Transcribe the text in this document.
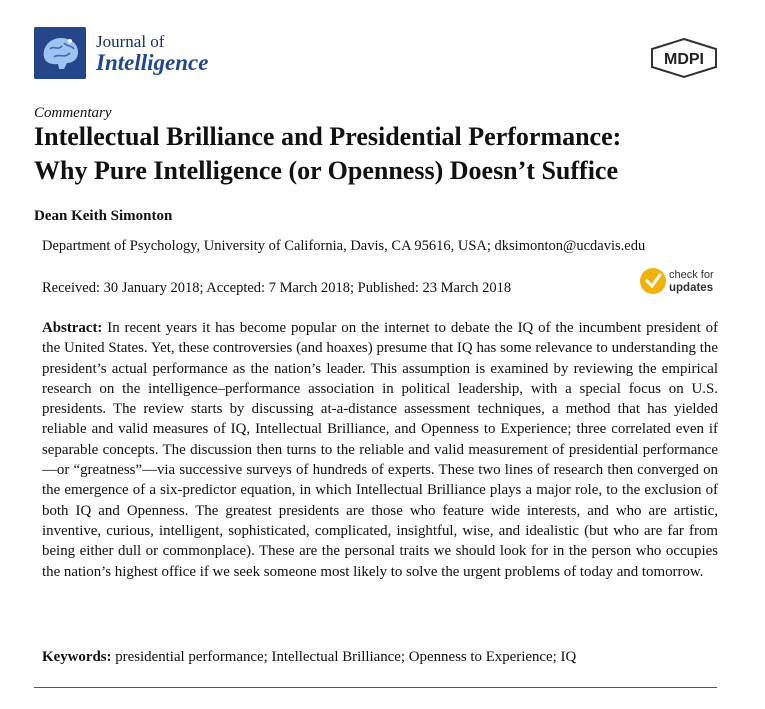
Journal of
Intelligence	MDPI
Commentary
Intellectual Brilliance and Presidential Performance:
Why Pure Intelligence (or Openness) Doesn’t Suffice
Dean Keith Simonton
Department of Psychology, University of California, Davis, CA 95616, USA; dksimonton@ucdavis.edu
Received: 30 January 2018; Accepted: 7 March 2018; Published: 23 March 2018
check for
updates
Abstract: In recent years it has become popular on the internet to debate the IQ of the incumbent president of the United States. Yet, these controversies (and hoaxes) presume that IQ has some relevance to understanding the president’s actual performance as the nation’s leader. This assumption is examined by reviewing the empirical research on the intelligence–performance association in political leadership, with a special focus on U.S. presidents. The review starts by discussing at-a-distance assessment techniques, a method that has yielded reliable and valid measures of IQ, Intellectual Brilliance, and Openness to Experience; three correlated even if separable concepts. The discussion then turns to the reliable and valid measurement of presidential performance—or “greatness”—via successive surveys of hundreds of experts. These two lines of research then converged on the emergence of a six-predictor equation, in which Intellectual Brilliance plays a major role, to the exclusion of both IQ and Openness. The greatest presidents are those who feature wide interests, and who are artistic, inventive, curious, intelligent, sophisticated, complicated, insightful, wise, and idealistic (but who are far from being either dull or commonplace). These are the personal traits we should look for in the person who occupies the nation’s highest office if we seek someone most likely to solve the urgent problems of today and tomorrow.
Keywords: presidential performance; Intellectual Brilliance; Openness to Experience; IQ
